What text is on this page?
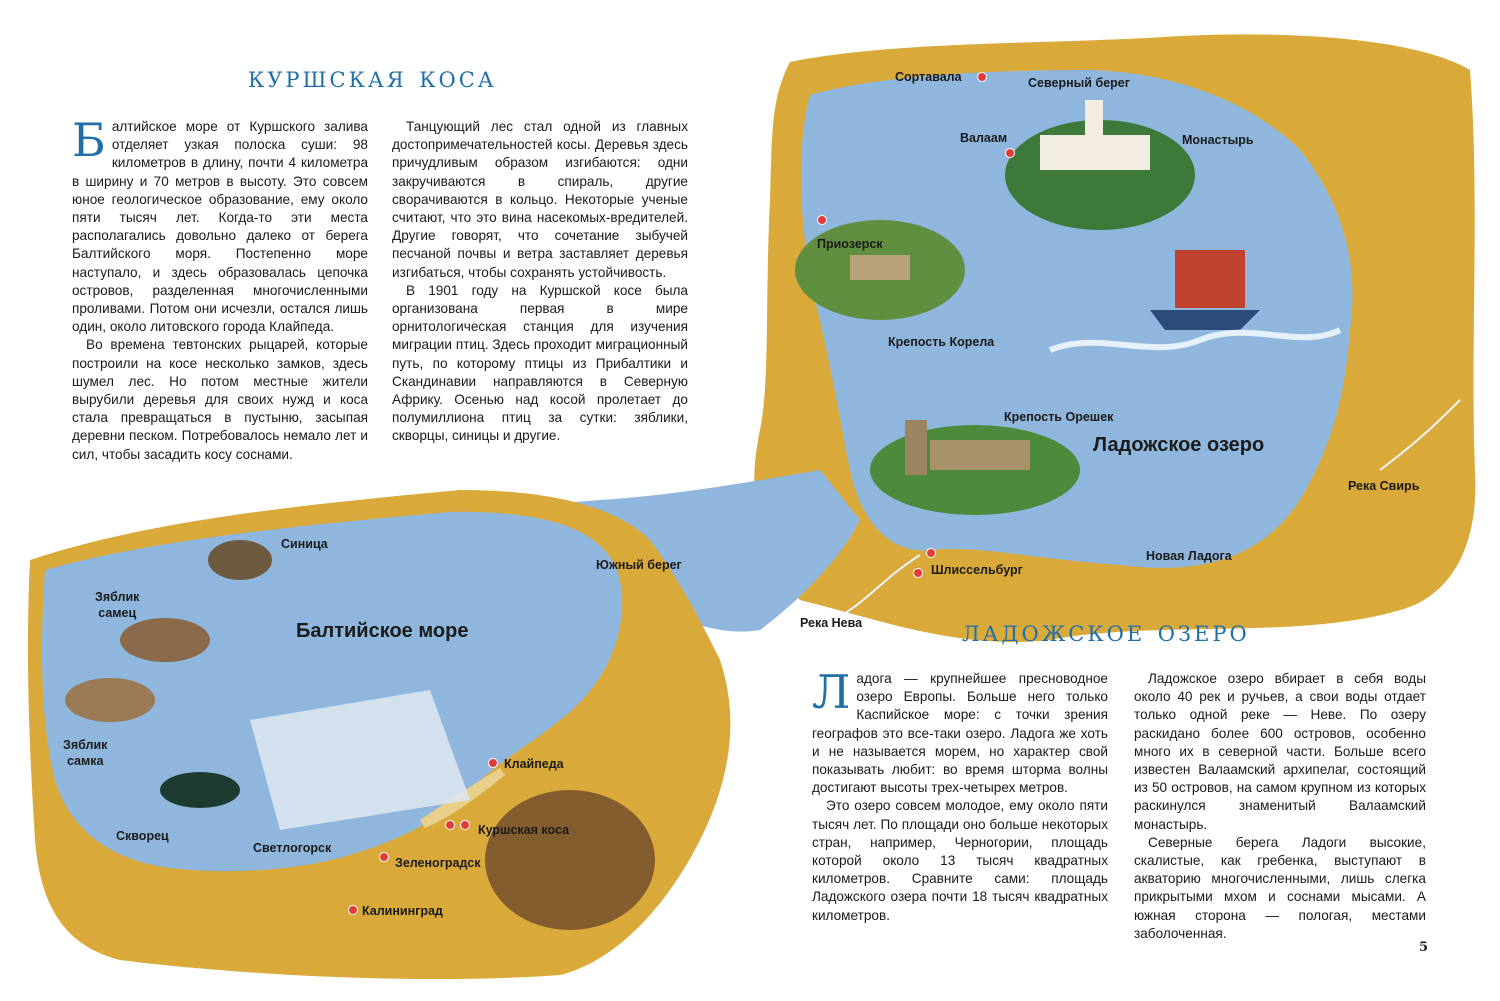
куршская коса
ладожское озеро

Балтийское море от Куршского залива отделяет узкая полоска суши: 98 километров в длину, почти 4 километра в ширину и 70 метров в высоту. Это совсем юное геологическое образование, ему около пяти тысяч лет. Когда-то эти места располагались довольно далеко от берега Балтийского моря. Постепенно море наступало, и здесь образовалась цепочка островов, разделенная многочисленными проливами. Потом они исчезли, остался лишь один, около литовского города Клайпеда.

Во времена тевтонских рыцарей, которые построили на косе несколько замков, здесь шумел лес. Но потом местные жители вырубили деревья для своих нужд и коса стала превращаться в пустыню, засыпая деревни песком. Потребовалось немало лет и сил, чтобы засадить косу соснами.

Танцующий лес стал одной из главных достопримечательностей косы. Деревья здесь причудливым образом изгибаются: одни закручиваются в спираль, другие сворачиваются в кольцо. Некоторые ученые считают, что это вина насекомых-вредителей. Другие говорят, что сочетание зыбучей песчаной почвы и ветра заставляет деревья изгибаться, чтобы сохранять устойчивость.

В 1901 году на Куршской косе была организована первая в мире орнитологическая станция для изучения миграции птиц. Здесь проходит миграционный путь, по которому птицы из Прибалтики и Скандинавии направляются в Северную Африку. Осенью над косой пролетает до полумиллиона птиц за сутки: зяблики, скворцы, синицы и другие.

Ладога — крупнейшее пресноводное озеро Европы. Больше него только Каспийское море: с точки зрения географов это все-таки озеро. Ладога же хоть и не называется морем, но характер свой показывать любит: во время шторма волны достигают высоты трех-четырех метров.

Это озеро совсем молодое, ему около пяти тысяч лет. По площади оно больше некоторых стран, например, Черногории, площадь которой около 13 тысяч квадратных километров. Сравните сами: площадь Ладожского озера почти 18 тысяч квадратных километров.

Ладожское озеро вбирает в себя воды около 40 рек и ручьев, а свои воды отдает только одной реке — Неве. По озеру раскидано более 600 островов, особенно много их в северной части. Больше всего известен Валаамский архипелаг, состоящий из 50 островов, на самом крупном из которых раскинулся знаменитый Валаамский монастырь.

Северные берега Ладоги высокие, скалистые, как гребенка, выступают в акваторию многочисленными, лишь слегка прикрытыми мхом и соснами мысами. А южная сторона — пологая, местами заболоченная.

Сортавала	Северный берег
Валаам	Монастырь
Приозерск
Крепость Корела
Крепость Орешек
Ладожское озеро
Река Свирь
Новая Ладога
Шлиссельбург
Река Нева
Южный берег
Балтийское море
Синица
Зяблик
самец
Зяблик
самка
Скворец
Клайпеда
Куршская коса
Светлогорск
Зеленоградск
Калининград
5
